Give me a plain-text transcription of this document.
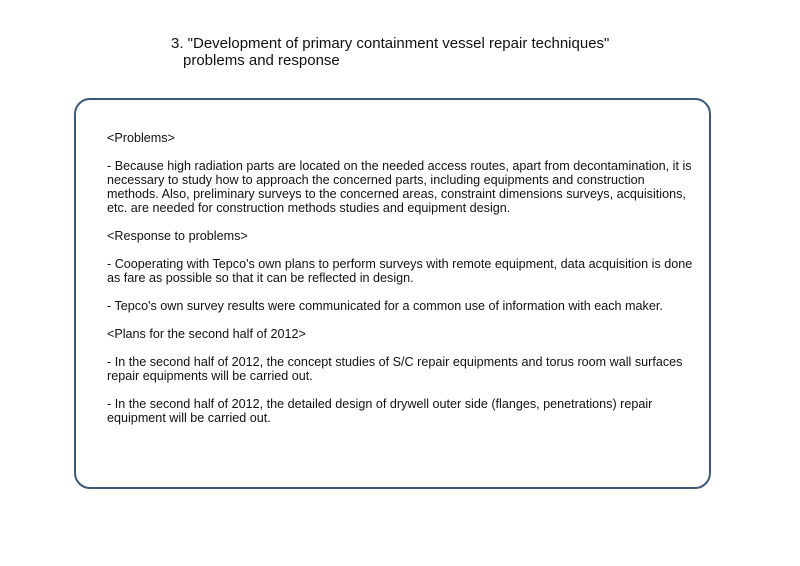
3. "Development of primary containment vessel repair techniques"
problems and response

<Problems>

- Because high radiation parts are located on the needed access routes, apart from decontamination, it is necessary to study how to approach the concerned parts, including equipments and construction methods. Also, preliminary surveys to the concerned areas, constraint dimensions surveys, acquisitions, etc. are needed for construction methods studies and equipment design.

<Response to problems>

- Cooperating with Tepco's own plans to perform surveys with remote equipment, data acquisition is done as fare as possible so that it can be reflected in design.

- Tepco's own survey results were communicated for a common use of information with each maker.

<Plans for the second half of 2012>

- In the second half of 2012, the concept studies of S/C repair equipments and torus room wall surfaces repair equipments will be carried out.

- In the second half of 2012, the detailed design of drywell outer side (flanges, penetrations) repair equipment will be carried out.
